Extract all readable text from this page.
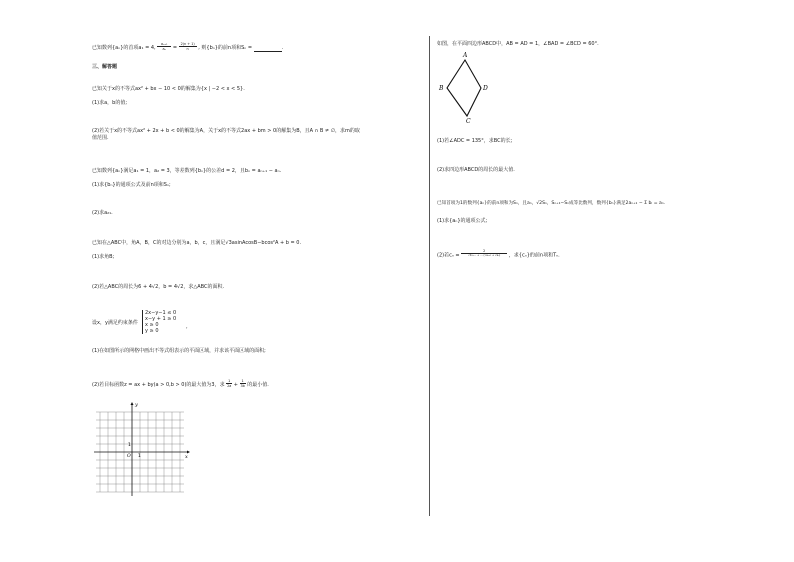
已知数列{aₙ}的首项a₁ = 4, $\frac{\text{aₙ₊₁}}{\text{aₙ}} = \frac{2(n + 1)}{n}$ , 则{bₙ}的前n项和Sₙ =	.
三、解答题
已知关于x的不等式ax² + bx − 10 < 0的解集为{x | −2 < x < 5}.
(1)求a，b的值;
(2)若关于x的不等式ax² + 2x + b < 0的解集为A，关于x的不等式2ax + bm > 0的解集为B，且A ∩ B ≠ ∅，求m的取
值范围.
已知数列{aₙ}满足a₁ = 1，a₂ = 3，等差数列{bₙ}的公差d = 2，且bₙ = aₙ₊₁ − aₙ.
(1)求{bₙ}的通项公式及前n项和Sₙ;
(2)求a₂₁.
已知在△ABC中，角A，B，C的对边分别为a，b，c，且满足√3asinAcosB−bcos²A + b = 0.
(1)求角B;
(2)若△ABC的周长为6 + 4√2，b = 4√2，求△ABC的面积.
设x，y满足约束条件
2x−y−1 ≤ 0
x−y + 1 ≥ 0
x ≥ 0
y ≥ 0
,
(1)在如图所示的网格中画出不等式组表示的平面区域，并求该平面区域的面积;
(2)若目标函数z = ax + by(a > 0,b > 0)的最大值为3，求 $\frac{1}{2a} + \frac{1}{3b}$ 的最小值.
y
x
O 1
1
如图，在平面四边形ABCD中，AB = AD = 1，∠BAD = ∠BCD = 60°.
A
B
C
D
(1)若∠ADC = 135°，求BC的长;
(2)求四边形ABCD的周长的最大值.
已知首项为1的数列{aₙ}的前n项和为Sₙ，且aₙ，√2Sₙ，Sₙ₊₁−Sₙ成等比数列，数列{bₙ}满足2aₙ₊₁ − Σ bᵢ = aₙ.
(1)求{aₙ}的通项公式;
(2)若cₙ =
2
√b₁₊... + ... (√aₙ₊₁ + √aₙ)	，求{cₙ}的前n项和Tₙ.
